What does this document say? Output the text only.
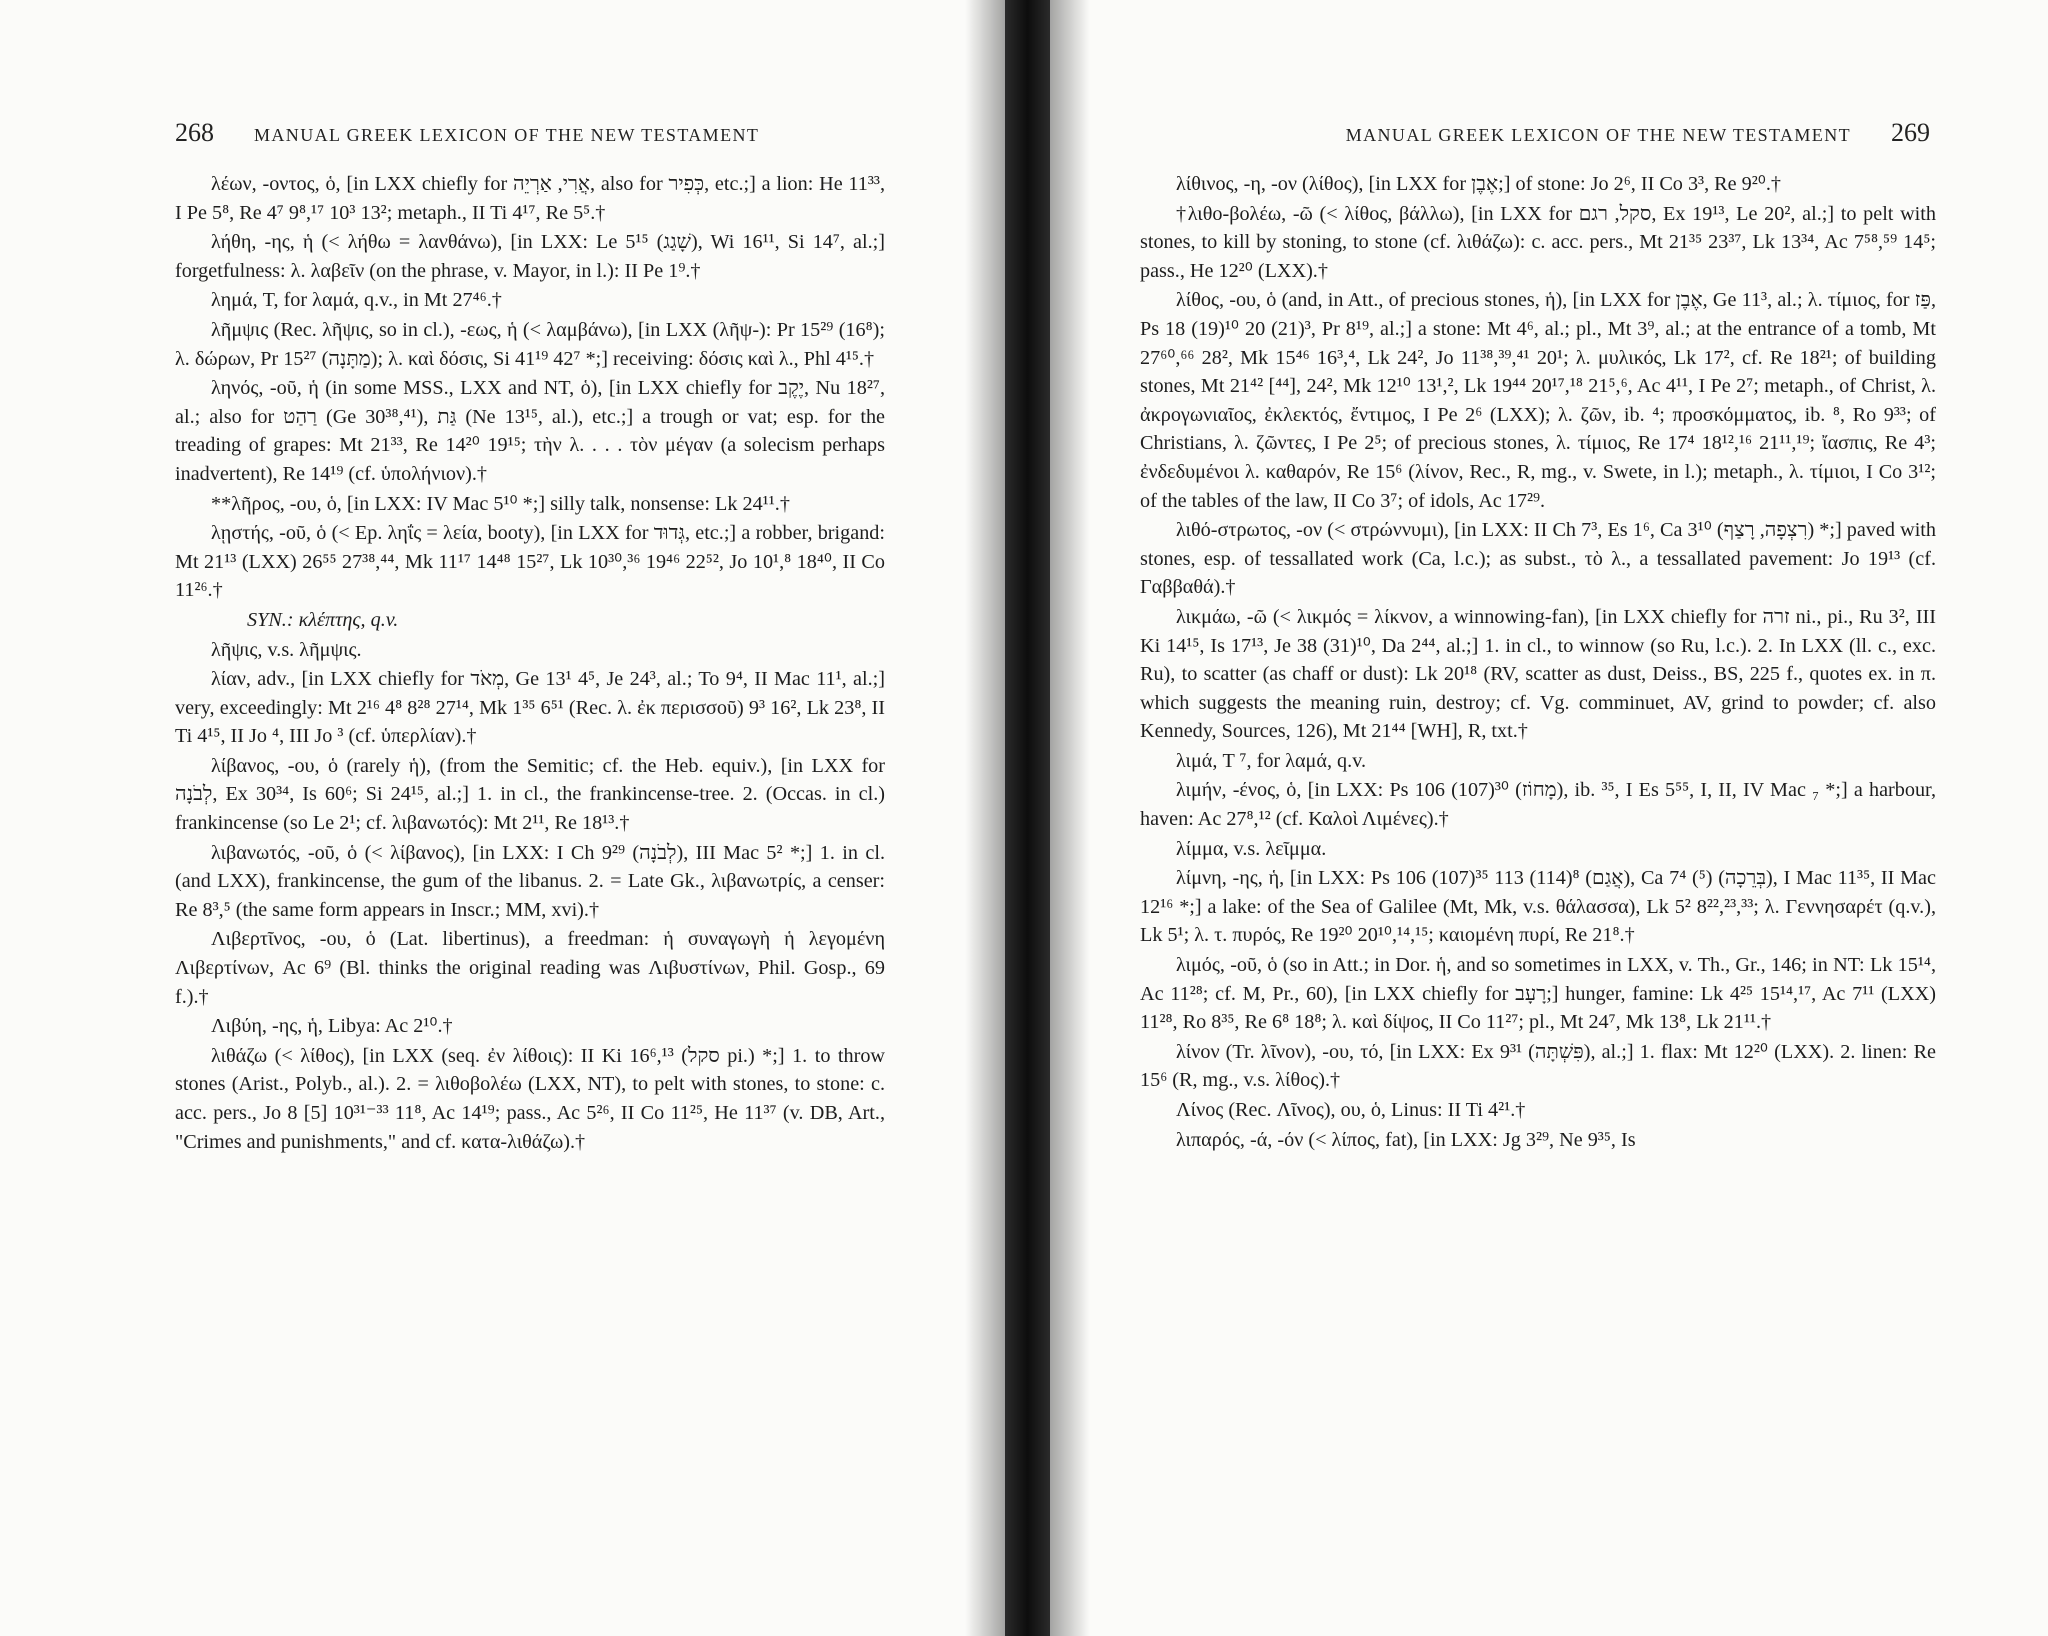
268 MANUAL GREEK LEXICON OF THE NEW TESTAMENT

λέων, -οντος, ὁ, [in LXX chiefly for אֲרִי, אַרְיֵה, also for כְּפִיר, etc.;] a lion: He 11³³, I Pe 5⁸, Re 4⁷ 9⁸,¹⁷ 10³ 13²; metaph., II Ti 4¹⁷, Re 5⁵.†

λήθη, -ης, ἡ (< λήθω = λανθάνω), [in LXX: Le 5¹⁵ (שָׁגַג), Wi 16¹¹, Si 14⁷, al.;] forgetfulness: λ. λαβεῖν (on the phrase, v. Mayor, in l.): II Pe 1⁹.†

λημά, T, for λαμά, q.v., in Mt 27⁴⁶.†

λῆμψις (Rec. λῆψις, so in cl.), -εως, ἡ (< λαμβάνω), [in LXX (λῆψ-): Pr 15²⁹ (16⁸); λ. δώρων, Pr 15²⁷ (מַתָּנָה); λ. καὶ δόσις, Si 41¹⁹ 42⁷ *;] receiving: δόσις καὶ λ., Phl 4¹⁵.†

ληνός, -οῦ, ἡ (in some MSS., LXX and NT, ὁ), [in LXX chiefly for יֶקֶב, Nu 18²⁷, al.; also for רַהַט (Ge 30³⁸,⁴¹), גַּת (Ne 13¹⁵, al.), etc.;] a trough or vat; esp. for the treading of grapes: Mt 21³³, Re 14²⁰ 19¹⁵; τὴν λ. . . . τὸν μέγαν (a solecism perhaps inadvertent), Re 14¹⁹ (cf. ὑπολήνιον).†

**λῆρος, -ου, ὁ, [in LXX: IV Mac 5¹⁰ *;] silly talk, nonsense: Lk 24¹¹.†

λῃστής, -οῦ, ὁ (< Ep. ληΐς = λεία, booty), [in LXX for גְּדוּד, etc.;] a robber, brigand: Mt 21¹³ (LXX) 26⁵⁵ 27³⁸,⁴⁴, Mk 11¹⁷ 14⁴⁸ 15²⁷, Lk 10³⁰,³⁶ 19⁴⁶ 22⁵², Jo 10¹,⁸ 18⁴⁰, II Co 11²⁶.†

SYN.: κλέπτης, q.v.

λῆψις, v.s. λῆμψις.

λίαν, adv., [in LXX chiefly for מְאֹד, Ge 13¹ 4⁵, Je 24³, al.; To 9⁴, II Mac 11¹, al.;] very, exceedingly: Mt 2¹⁶ 4⁸ 8²⁸ 27¹⁴, Mk 1³⁵ 6⁵¹ (Rec. λ. ἐκ περισσοῦ) 9³ 16², Lk 23⁸, II Ti 4¹⁵, II Jo ⁴, III Jo ³ (cf. ὑπερλίαν).†

λίβανος, -ου, ὁ (rarely ἡ), (from the Semitic; cf. the Heb. equiv.), [in LXX for לְבֹנָה, Ex 30³⁴, Is 60⁶; Si 24¹⁵, al.;] 1. in cl., the frankincense-tree. 2. (Occas. in cl.) frankincense (so Le 2¹; cf. λιβανωτός): Mt 2¹¹, Re 18¹³.†

λιβανωτός, -οῦ, ὁ (< λίβανος), [in LXX: I Ch 9²⁹ (לְבֹנָה), III Mac 5² *;] 1. in cl. (and LXX), frankincense, the gum of the libanus. 2. = Late Gk., λιβανωτρίς, a censer: Re 8³,⁵ (the same form appears in Inscr.; MM, xvi).†

Λιβερτῖνος, -ου, ὁ (Lat. libertinus), a freedman: ἡ συναγωγὴ ἡ λεγομένη Λιβερτίνων, Ac 6⁹ (Bl. thinks the original reading was Λιβυστίνων, Phil. Gosp., 69 f.).†

Λιβύη, -ης, ἡ, Libya: Ac 2¹⁰.†

λιθάζω (< λίθος), [in LXX (seq. ἐν λίθοις): II Ki 16⁶,¹³ (סקל pi.) *;] 1. to throw stones (Arist., Polyb., al.). 2. = λιθοβολέω (LXX, NT), to pelt with stones, to stone: c. acc. pers., Jo 8 [5] 10³¹⁻³³ 11⁸, Ac 14¹⁹; pass., Ac 5²⁶, II Co 11²⁵, He 11³⁷ (v. DB, Art., "Crimes and punishments," and cf. κατα-λιθάζω).†

MANUAL GREEK LEXICON OF THE NEW TESTAMENT 269

λίθινος, -η, -ον (λίθος), [in LXX for אֶבֶן;] of stone: Jo 2⁶, II Co 3³, Re 9²⁰.†

†λιθο-βολέω, -ῶ (< λίθος, βάλλω), [in LXX for סקל, רגם, Ex 19¹³, Le 20², al.;] to pelt with stones, to kill by stoning, to stone (cf. λιθάζω): c. acc. pers., Mt 21³⁵ 23³⁷, Lk 13³⁴, Ac 7⁵⁸,⁵⁹ 14⁵; pass., He 12²⁰ (LXX).†

λίθος, -ου, ὁ (and, in Att., of precious stones, ἡ), [in LXX for אֶבֶן, Ge 11³, al.; λ. τίμιος, for פַּז, Ps 18 (19)¹⁰ 20 (21)³, Pr 8¹⁹, al.;] a stone: Mt 4⁶, al.; pl., Mt 3⁹, al.; at the entrance of a tomb, Mt 27⁶⁰,⁶⁶ 28², Mk 15⁴⁶ 16³,⁴, Lk 24², Jo 11³⁸,³⁹,⁴¹ 20¹; λ. μυλικός, Lk 17², cf. Re 18²¹; of building stones, Mt 21⁴² [⁴⁴], 24², Mk 12¹⁰ 13¹,², Lk 19⁴⁴ 20¹⁷,¹⁸ 21⁵,⁶, Ac 4¹¹, I Pe 2⁷; metaph., of Christ, λ. ἀκρογωνιαῖος, ἐκλεκτός, ἔντιμος, I Pe 2⁶ (LXX); λ. ζῶν, ib. ⁴; προσκόμματος, ib. ⁸, Ro 9³³; of Christians, λ. ζῶντες, I Pe 2⁵; of precious stones, λ. τίμιος, Re 17⁴ 18¹²,¹⁶ 21¹¹,¹⁹; ἴασπις, Re 4³; ἐνδεδυμένοι λ. καθαρόν, Re 15⁶ (λίνον, Rec., R, mg., v. Swete, in l.); metaph., λ. τίμιοι, I Co 3¹²; of the tables of the law, II Co 3⁷; of idols, Ac 17²⁹.

λιθό-στρωτος, -ον (< στρώννυμι), [in LXX: II Ch 7³, Es 1⁶, Ca 3¹⁰ (רִצְפָה, רָצַף) *;] paved with stones, esp. of tessallated work (Ca, l.c.); as subst., τὸ λ., a tessallated pavement: Jo 19¹³ (cf. Γαββαθά).†

λικμάω, -ῶ (< λικμός = λίκνον, a winnowing-fan), [in LXX chiefly for זרה ni., pi., Ru 3², III Ki 14¹⁵, Is 17¹³, Je 38 (31)¹⁰, Da 2⁴⁴, al.;] 1. in cl., to winnow (so Ru, l.c.). 2. In LXX (ll. c., exc. Ru), to scatter (as chaff or dust): Lk 20¹⁸ (RV, scatter as dust, Deiss., BS, 225 f., quotes ex. in π. which suggests the meaning ruin, destroy; cf. Vg. comminuet, AV, grind to powder; cf. also Kennedy, Sources, 126), Mt 21⁴⁴ [WH], R, txt.†

λιμά, T ⁷, for λαμά, q.v.

λιμήν, -ένος, ὁ, [in LXX: Ps 106 (107)³⁰ (מָחוֹז), ib. ³⁵, I Es 5⁵⁵, I, II, IV Mac ₇ *;] a harbour, haven: Ac 27⁸,¹² (cf. Καλοὶ Λιμένες).†

λίμμα, v.s. λεῖμμα.

λίμνη, -ης, ἡ, [in LXX: Ps 106 (107)³⁵ 113 (114)⁸ (אֲגַם), Ca 7⁴ (⁵) (בְּרֵכָה), I Mac 11³⁵, II Mac 12¹⁶ *;] a lake: of the Sea of Galilee (Mt, Mk, v.s. θάλασσα), Lk 5² 8²²,²³,³³; λ. Γεννησαρέτ (q.v.), Lk 5¹; λ. τ. πυρός, Re 19²⁰ 20¹⁰,¹⁴,¹⁵; καιομένη πυρί, Re 21⁸.†

λιμός, -οῦ, ὁ (so in Att.; in Dor. ἡ, and so sometimes in LXX, v. Th., Gr., 146; in NT: Lk 15¹⁴, Ac 11²⁸; cf. M, Pr., 60), [in LXX chiefly for רָעָב;] hunger, famine: Lk 4²⁵ 15¹⁴,¹⁷, Ac 7¹¹ (LXX) 11²⁸, Ro 8³⁵, Re 6⁸ 18⁸; λ. καὶ δίψος, II Co 11²⁷; pl., Mt 24⁷, Mk 13⁸, Lk 21¹¹.†

λίνον (Tr. λῖνον), -ου, τό, [in LXX: Ex 9³¹ (פִּשְׁתָּה), al.;] 1. flax: Mt 12²⁰ (LXX). 2. linen: Re 15⁶ (R, mg., v.s. λίθος).†

Λίνος (Rec. Λῖνος), ου, ὁ, Linus: II Ti 4²¹.†

λιπαρός, -ά, -όν (< λίπος, fat), [in LXX: Jg 3²⁹, Ne 9³⁵, Is
